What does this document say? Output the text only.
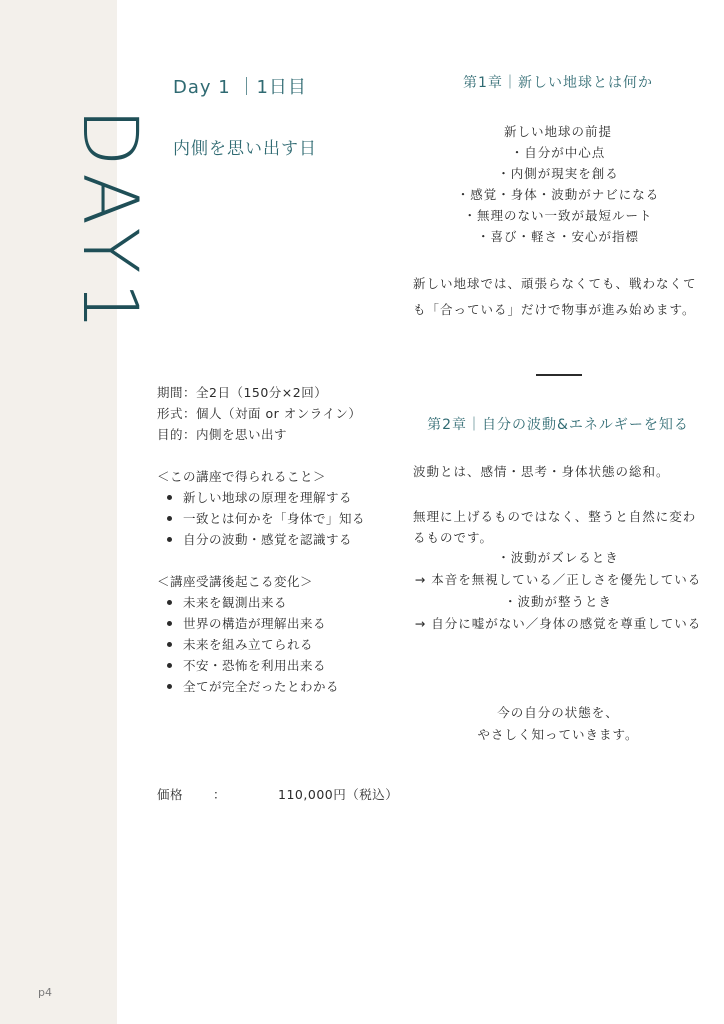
DAY1
p4
Day 1 ｜1日目
内側を思い出す日
期間：全2日（150分×2回）
形式：個人（対面 or オンライン）
目的：内側を思い出す
＜この講座で得られること＞
新しい地球の原理を理解する
一致とは何かを「身体で」知る
自分の波動・感覚を認識する
＜講座受講後起こる変化＞
未来を観測出来る
世界の構造が理解出来る
未来を組み立てられる
不安・恐怖を利用出来る
全てが完全だったとわかる
価格 ：	110,000円（税込）
第1章｜新しい地球とは何か
新しい地球の前提
・自分が中心点
・内側が現実を創る
・感覚・身体・波動がナビになる
・無理のない一致が最短ルート
・喜び・軽さ・安心が指標
新しい地球では、頑張らなくても、戦わなくても「合っている」だけで物事が進み始めます。
第2章｜自分の波動&エネルギーを知る
波動とは、感情・思考・身体状態の総和。
無理に上げるものではなく、整うと自然に変わるものです。
・波動がズレるとき
→ 本音を無視している／正しさを優先している
・波動が整うとき
→ 自分に嘘がない／身体の感覚を尊重している
今の自分の状態を、
やさしく知っていきます。
